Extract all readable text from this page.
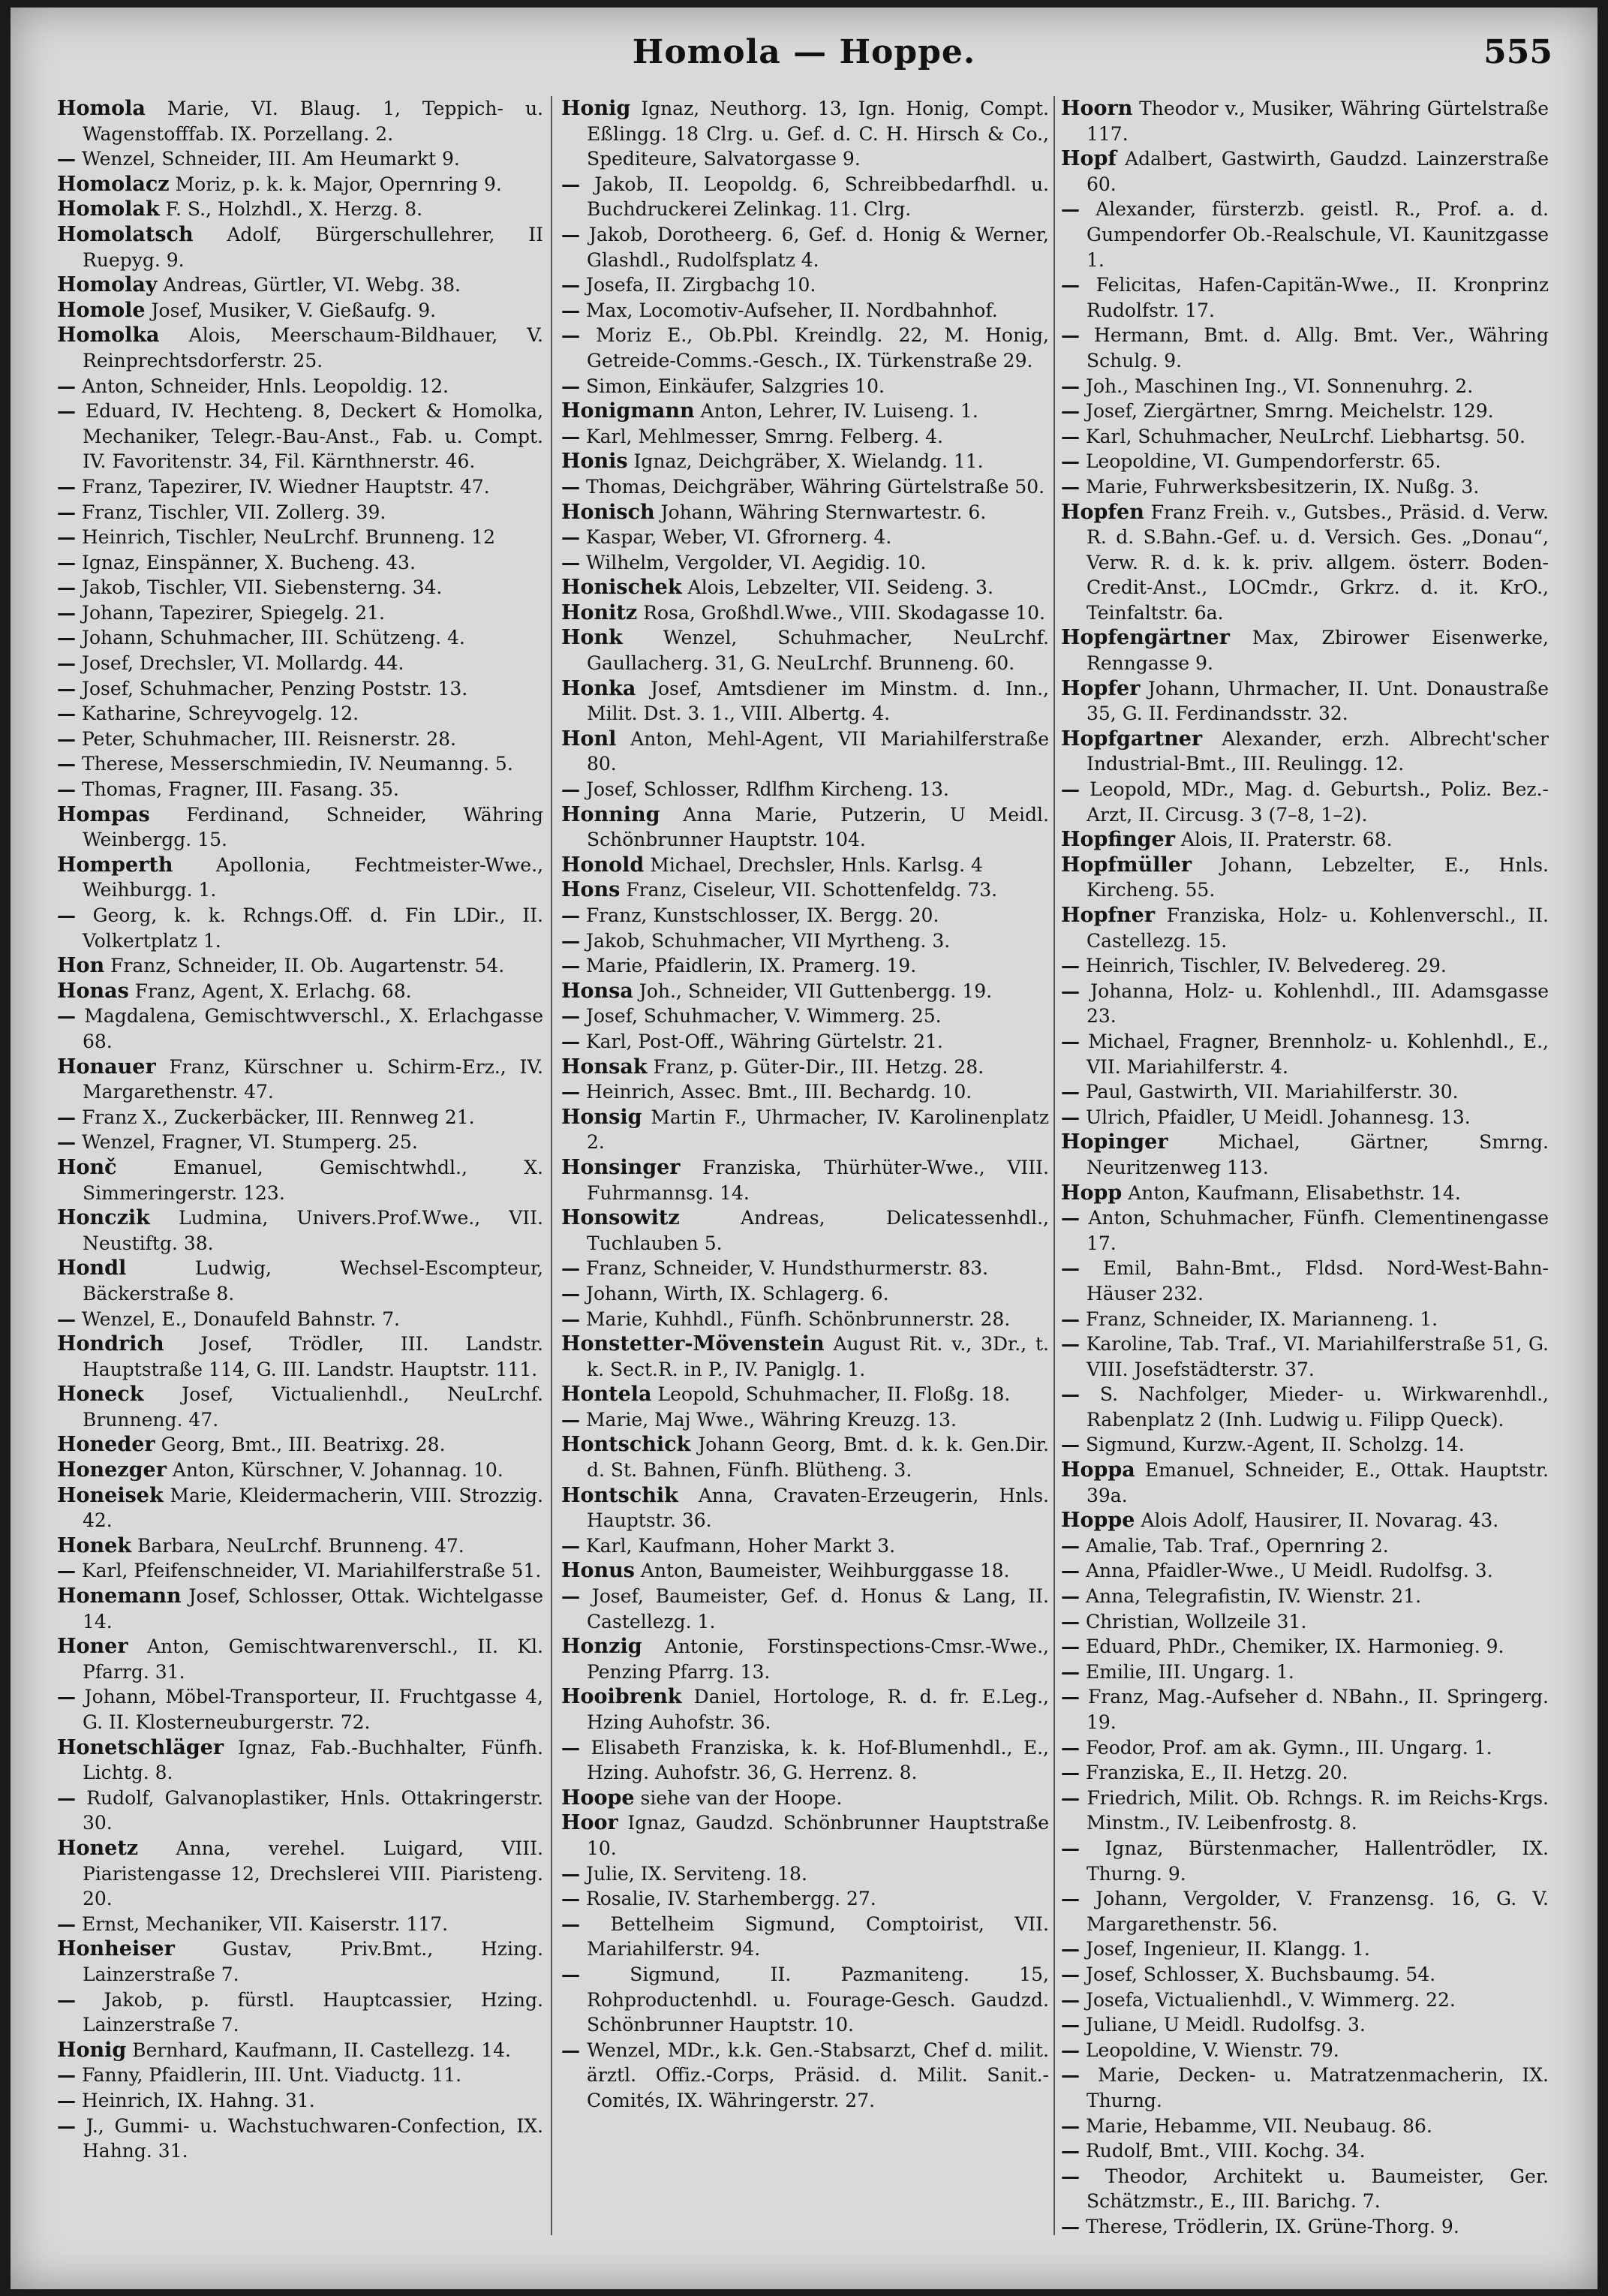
Homola — Hoppe.	555

Homola Marie, VI. Blaug. 1, Teppich- u. Wagenstofffab. IX. Porzellang. 2.

— Wenzel, Schneider, III. Am Heumarkt 9.

Homolacz Moriz, p. k. k. Major, Opernring 9.

Homolak F. S., Holzhdl., X. Herzg. 8.

Homolatsch Adolf, Bürgerschullehrer, II Ruepyg. 9.

Homolay Andreas, Gürtler, VI. Webg. 38.

Homole Josef, Musiker, V. Gießaufg. 9.

Homolka Alois, Meerschaum-Bildhauer, V. Reinprechtsdorferstr. 25.

— Anton, Schneider, Hnls. Leopoldig. 12.

— Eduard, IV. Hechteng. 8, Deckert & Homolka, Mechaniker, Telegr.-Bau-Anst., Fab. u. Compt. IV. Favoritenstr. 34, Fil. Kärnthnerstr. 46.

— Franz, Tapezirer, IV. Wiedner Hauptstr. 47.

— Franz, Tischler, VII. Zollerg. 39.

— Heinrich, Tischler, NeuLrchf. Brunneng. 12

— Ignaz, Einspänner, X. Bucheng. 43.

— Jakob, Tischler, VII. Siebensterng. 34.

— Johann, Tapezirer, Spiegelg. 21.

— Johann, Schuhmacher, III. Schützeng. 4.

— Josef, Drechsler, VI. Mollardg. 44.

— Josef, Schuhmacher, Penzing Poststr. 13.

— Katharine, Schreyvogelg. 12.

— Peter, Schuhmacher, III. Reisnerstr. 28.

— Therese, Messerschmiedin, IV. Neumanng. 5.

— Thomas, Fragner, III. Fasang. 35.

Hompas Ferdinand, Schneider, Währing Weinbergg. 15.

Homperth Apollonia, Fechtmeister-Wwe., Weihburgg. 1.

— Georg, k. k. Rchngs.Off. d. Fin LDir., II. Volkertplatz 1.

Hon Franz, Schneider, II. Ob. Augartenstr. 54.

Honas Franz, Agent, X. Erlachg. 68.

— Magdalena, Gemischtwverschl., X. Erlachgasse 68.

Honauer Franz, Kürschner u. Schirm-Erz., IV. Margarethenstr. 47.

— Franz X., Zuckerbäcker, III. Rennweg 21.

— Wenzel, Fragner, VI. Stumperg. 25.

Honč Emanuel, Gemischtwhdl., X. Simmeringerstr. 123.

Honczik Ludmina, Univers.Prof.Wwe., VII. Neustiftg. 38.

Hondl Ludwig, Wechsel-Escompteur, Bäckerstraße 8.

— Wenzel, E., Donaufeld Bahnstr. 7.

Hondrich Josef, Trödler, III. Landstr. Hauptstraße 114, G. III. Landstr. Hauptstr. 111.

Honeck Josef, Victualienhdl., NeuLrchf. Brunneng. 47.

Honeder Georg, Bmt., III. Beatrixg. 28.

Honezger Anton, Kürschner, V. Johannag. 10.

Honeisek Marie, Kleidermacherin, VIII. Strozzig. 42.

Honek Barbara, NeuLrchf. Brunneng. 47.

— Karl, Pfeifenschneider, VI. Mariahilferstraße 51.

Honemann Josef, Schlosser, Ottak. Wichtelgasse 14.

Honer Anton, Gemischtwarenverschl., II. Kl. Pfarrg. 31.

— Johann, Möbel-Transporteur, II. Fruchtgasse 4, G. II. Klosterneuburgerstr. 72.

Honetschläger Ignaz, Fab.-Buchhalter, Fünfh. Lichtg. 8.

— Rudolf, Galvanoplastiker, Hnls. Ottakringerstr. 30.

Honetz Anna, verehel. Luigard, VIII. Piaristengasse 12, Drechslerei VIII. Piaristeng. 20.

— Ernst, Mechaniker, VII. Kaiserstr. 117.

Honheiser Gustav, Priv.Bmt., Hzing. Lainzerstraße 7.

— Jakob, p. fürstl. Hauptcassier, Hzing. Lainzerstraße 7.

Honig Bernhard, Kaufmann, II. Castellezg. 14.

— Fanny, Pfaidlerin, III. Unt. Viaductg. 11.

— Heinrich, IX. Hahng. 31.

— J., Gummi- u. Wachstuchwaren-Confection, IX. Hahng. 31.

Honig Ignaz, Neuthorg. 13, Ign. Honig, Compt. Eßlingg. 18 Clrg. u. Gef. d. C. H. Hirsch & Co., Spediteure, Salvatorgasse 9.

— Jakob, II. Leopoldg. 6, Schreibbedarfhdl. u. Buchdruckerei Zelinkag. 11. Clrg.

— Jakob, Dorotheerg. 6, Gef. d. Honig & Werner, Glashdl., Rudolfsplatz 4.

— Josefa, II. Zirgbachg 10.

— Max, Locomotiv-Aufseher, II. Nordbahnhof.

— Moriz E., Ob.Pbl. Kreindlg. 22, M. Honig, Getreide-Comms.-Gesch., IX. Türkenstraße 29.

— Simon, Einkäufer, Salzgries 10.

Honigmann Anton, Lehrer, IV. Luiseng. 1.

— Karl, Mehlmesser, Smrng. Felberg. 4.

Honis Ignaz, Deichgräber, X. Wielandg. 11.

— Thomas, Deichgräber, Währing Gürtelstraße 50.

Honisch Johann, Währing Sternwartestr. 6.

— Kaspar, Weber, VI. Gfrornerg. 4.

— Wilhelm, Vergolder, VI. Aegidig. 10.

Honischek Alois, Lebzelter, VII. Seideng. 3.

Honitz Rosa, Großhdl.Wwe., VIII. Skodagasse 10.

Honk Wenzel, Schuhmacher, NeuLrchf. Gaullacherg. 31, G. NeuLrchf. Brunneng. 60.

Honka Josef, Amtsdiener im Minstm. d. Inn., Milit. Dst. 3. 1., VIII. Albertg. 4.

Honl Anton, Mehl-Agent, VII Mariahilferstraße 80.

— Josef, Schlosser, Rdlfhm Kircheng. 13.

Honning Anna Marie, Putzerin, U Meidl. Schönbrunner Hauptstr. 104.

Honold Michael, Drechsler, Hnls. Karlsg. 4

Hons Franz, Ciseleur, VII. Schottenfeldg. 73.

— Franz, Kunstschlosser, IX. Bergg. 20.

— Jakob, Schuhmacher, VII Myrtheng. 3.

— Marie, Pfaidlerin, IX. Pramerg. 19.

Honsa Joh., Schneider, VII Guttenbergg. 19.

— Josef, Schuhmacher, V. Wimmerg. 25.

— Karl, Post-Off., Währing Gürtelstr. 21.

Honsak Franz, p. Güter-Dir., III. Hetzg. 28.

— Heinrich, Assec. Bmt., III. Bechardg. 10.

Honsig Martin F., Uhrmacher, IV. Karolinenplatz 2.

Honsinger Franziska, Thürhüter-Wwe., VIII. Fuhrmannsg. 14.

Honsowitz Andreas, Delicatessenhdl., Tuchlauben 5.

— Franz, Schneider, V. Hundsthurmerstr. 83.

— Johann, Wirth, IX. Schlagerg. 6.

— Marie, Kuhhdl., Fünfh. Schönbrunnerstr. 28.

Honstetter-Mövenstein August Rit. v., 3Dr., t. k. Sect.R. in P., IV. Paniglg. 1.

Hontela Leopold, Schuhmacher, II. Floßg. 18.

— Marie, Maj Wwe., Währing Kreuzg. 13.

Hontschick Johann Georg, Bmt. d. k. k. Gen.Dir. d. St. Bahnen, Fünfh. Blütheng. 3.

Hontschik Anna, Cravaten-Erzeugerin, Hnls. Hauptstr. 36.

— Karl, Kaufmann, Hoher Markt 3.

Honus Anton, Baumeister, Weihburggasse 18.

— Josef, Baumeister, Gef. d. Honus & Lang, II. Castellezg. 1.

Honzig Antonie, Forstinspections-Cmsr.-Wwe., Penzing Pfarrg. 13.

Hooibrenk Daniel, Hortologe, R. d. fr. E.Leg., Hzing Auhofstr. 36.

— Elisabeth Franziska, k. k. Hof-Blumenhdl., E., Hzing. Auhofstr. 36, G. Herrenz. 8.

Hoope siehe van der Hoope.

Hoor Ignaz, Gaudzd. Schönbrunner Hauptstraße 10.

— Julie, IX. Serviteng. 18.

— Rosalie, IV. Starhembergg. 27.

— Bettelheim Sigmund, Comptoirist, VII. Mariahilferstr. 94.

— Sigmund, II. Pazmaniteng. 15, Rohproductenhdl. u. Fourage-Gesch. Gaudzd. Schönbrunner Hauptstr. 10.

— Wenzel, MDr., k.k. Gen.-Stabsarzt, Chef d. milit. ärztl. Offiz.-Corps, Präsid. d. Milit. Sanit.-Comités, IX. Währingerstr. 27.

Hoorn Theodor v., Musiker, Währing Gürtelstraße 117.

Hopf Adalbert, Gastwirth, Gaudzd. Lainzerstraße 60.

— Alexander, fürsterzb. geistl. R., Prof. a. d. Gumpendorfer Ob.-Realschule, VI. Kaunitzgasse 1.

— Felicitas, Hafen-Capitän-Wwe., II. Kronprinz Rudolfstr. 17.

— Hermann, Bmt. d. Allg. Bmt. Ver., Währing Schulg. 9.

— Joh., Maschinen Ing., VI. Sonnenuhrg. 2.

— Josef, Ziergärtner, Smrng. Meichelstr. 129.

— Karl, Schuhmacher, NeuLrchf. Liebhartsg. 50.

— Leopoldine, VI. Gumpendorferstr. 65.

— Marie, Fuhrwerksbesitzerin, IX. Nußg. 3.

Hopfen Franz Freih. v., Gutsbes., Präsid. d. Verw. R. d. S.Bahn.-Gef. u. d. Versich. Ges. „Donau“, Verw. R. d. k. k. priv. allgem. österr. Boden-Credit-Anst., LOCmdr., Grkrz. d. it. KrO., Teinfaltstr. 6a.

Hopfengärtner Max, Zbirower Eisenwerke, Renngasse 9.

Hopfer Johann, Uhrmacher, II. Unt. Donaustraße 35, G. II. Ferdinandsstr. 32.

Hopfgartner Alexander, erzh. Albrecht'scher Industrial-Bmt., III. Reulingg. 12.

— Leopold, MDr., Mag. d. Geburtsh., Poliz. Bez.-Arzt, II. Circusg. 3 (7–8, 1–2).

Hopfinger Alois, II. Praterstr. 68.

Hopfmüller Johann, Lebzelter, E., Hnls. Kircheng. 55.

Hopfner Franziska, Holz- u. Kohlenverschl., II. Castellezg. 15.

— Heinrich, Tischler, IV. Belvedereg. 29.

— Johanna, Holz- u. Kohlenhdl., III. Adamsgasse 23.

— Michael, Fragner, Brennholz- u. Kohlenhdl., E., VII. Mariahilferstr. 4.

— Paul, Gastwirth, VII. Mariahilferstr. 30.

— Ulrich, Pfaidler, U Meidl. Johannesg. 13.

Hopinger Michael, Gärtner, Smrng. Neuritzenweg 113.

Hopp Anton, Kaufmann, Elisabethstr. 14.

— Anton, Schuhmacher, Fünfh. Clementinengasse 17.

— Emil, Bahn-Bmt., Fldsd. Nord-West-Bahn-Häuser 232.

— Franz, Schneider, IX. Marianneng. 1.

— Karoline, Tab. Traf., VI. Mariahilferstraße 51, G. VIII. Josefstädterstr. 37.

— S. Nachfolger, Mieder- u. Wirkwarenhdl., Rabenplatz 2 (Inh. Ludwig u. Filipp Queck).

— Sigmund, Kurzw.-Agent, II. Scholzg. 14.

Hoppa Emanuel, Schneider, E., Ottak. Hauptstr. 39a.

Hoppe Alois Adolf, Hausirer, II. Novarag. 43.

— Amalie, Tab. Traf., Opernring 2.

— Anna, Pfaidler-Wwe., U Meidl. Rudolfsg. 3.

— Anna, Telegrafistin, IV. Wienstr. 21.

— Christian, Wollzeile 31.

— Eduard, PhDr., Chemiker, IX. Harmonieg. 9.

— Emilie, III. Ungarg. 1.

— Franz, Mag.-Aufseher d. NBahn., II. Springerg. 19.

— Feodor, Prof. am ak. Gymn., III. Ungarg. 1.

— Franziska, E., II. Hetzg. 20.

— Friedrich, Milit. Ob. Rchngs. R. im Reichs-Krgs. Minstm., IV. Leibenfrostg. 8.

— Ignaz, Bürstenmacher, Hallentrödler, IX. Thurng. 9.

— Johann, Vergolder, V. Franzensg. 16, G. V. Margarethenstr. 56.

— Josef, Ingenieur, II. Klangg. 1.

— Josef, Schlosser, X. Buchsbaumg. 54.

— Josefa, Victualienhdl., V. Wimmerg. 22.

— Juliane, U Meidl. Rudolfsg. 3.

— Leopoldine, V. Wienstr. 79.

— Marie, Decken- u. Matratzenmacherin, IX. Thurng.

— Marie, Hebamme, VII. Neubaug. 86.

— Rudolf, Bmt., VIII. Kochg. 34.

— Theodor, Architekt u. Baumeister, Ger. Schätzmstr., E., III. Barichg. 7.

— Therese, Trödlerin, IX. Grüne-Thorg. 9.
